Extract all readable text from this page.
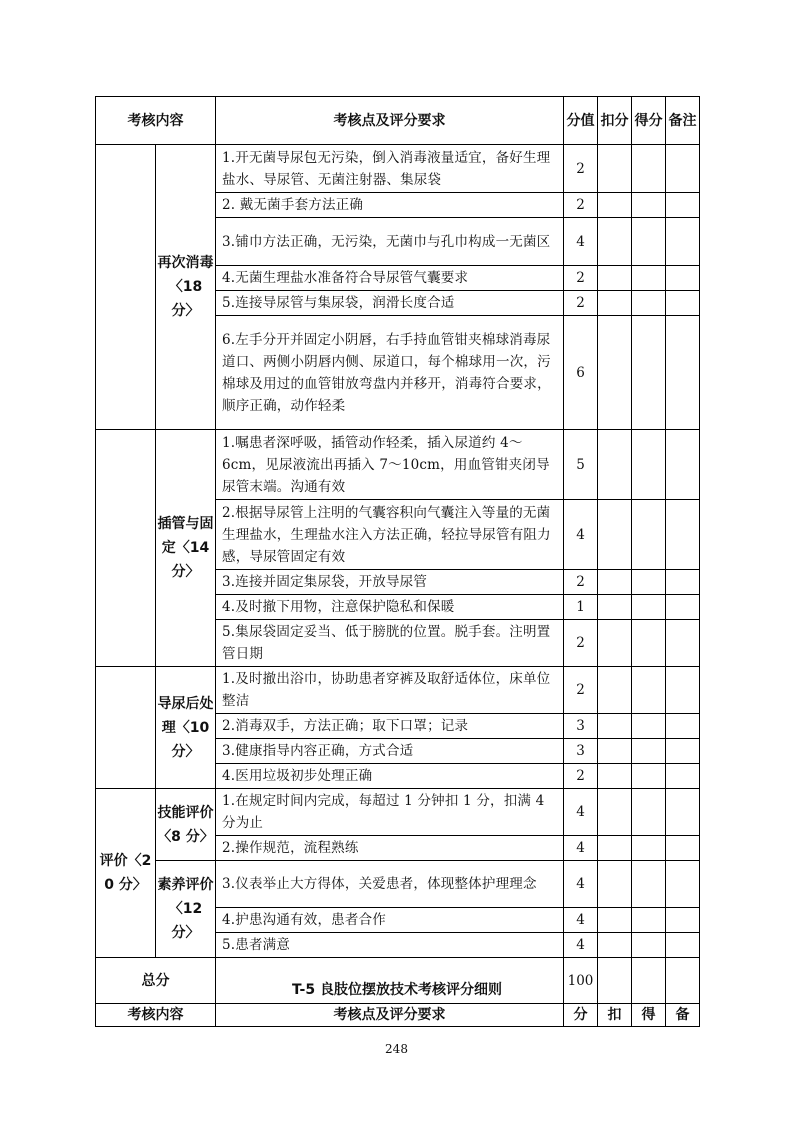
考核内容		考核点及评分要求	分值	扣分	得分	备注
	再次消毒〈18 分〉	1.开无菌导尿包无污染，倒入消毒液量适宜，备好生理盐水、导尿管、无菌注射器、集尿袋	2			
		2. 戴无菌手套方法正确	2			
		3.铺巾方法正确，无污染，无菌巾与孔巾构成一无菌区	4			
		4.无菌生理盐水准备符合导尿管气囊要求	2			
		5.连接导尿管与集尿袋，润滑长度合适	2			
		6.左手分开并固定小阴唇，右手持血管钳夹棉球消毒尿道口、两侧小阴唇内侧、尿道口，每个棉球用一次，污棉球及用过的血管钳放弯盘内并移开，消毒符合要求，顺序正确，动作轻柔	6			
	插管与固定〈14 分〉	1.嘱患者深呼吸，插管动作轻柔，插入尿道约 4～6cm，见尿液流出再插入 7～10cm，用血管钳夹闭导尿管末端。沟通有效	5			
		2.根据导尿管上注明的气囊容积向气囊注入等量的无菌生理盐水，生理盐水注入方法正确，轻拉导尿管有阻力感，导尿管固定有效	4			
		3.连接并固定集尿袋，开放导尿管	2			
		4.及时撤下用物，注意保护隐私和保暖	1			
		5.集尿袋固定妥当、低于膀胱的位置。脱手套。注明置管日期	2			
	导尿后处理〈10 分〉	1.及时撤出浴巾，协助患者穿裤及取舒适体位，床单位整洁	2			
		2.消毒双手，方法正确；取下口罩；记录	3			
		3.健康指导内容正确，方式合适	3			
		4.医用垃圾初步处理正确	2			
评价〈20 分〉	技能评价〈8 分〉	1.在规定时间内完成，每超过 1 分钟扣 1 分，扣满 4 分为止	4			
		2.操作规范，流程熟练	4			
	素养评价〈12 分〉	3.仪表举止大方得体，关爱患者，体现整体护理理念	4			
		4.护患沟通有效，患者合作	4			
		5.患者满意	4			
总分			100			

T-5 良肢位摆放技术考核评分细则

考核内容	考核点及评分要求	分	扣	得	备

248
